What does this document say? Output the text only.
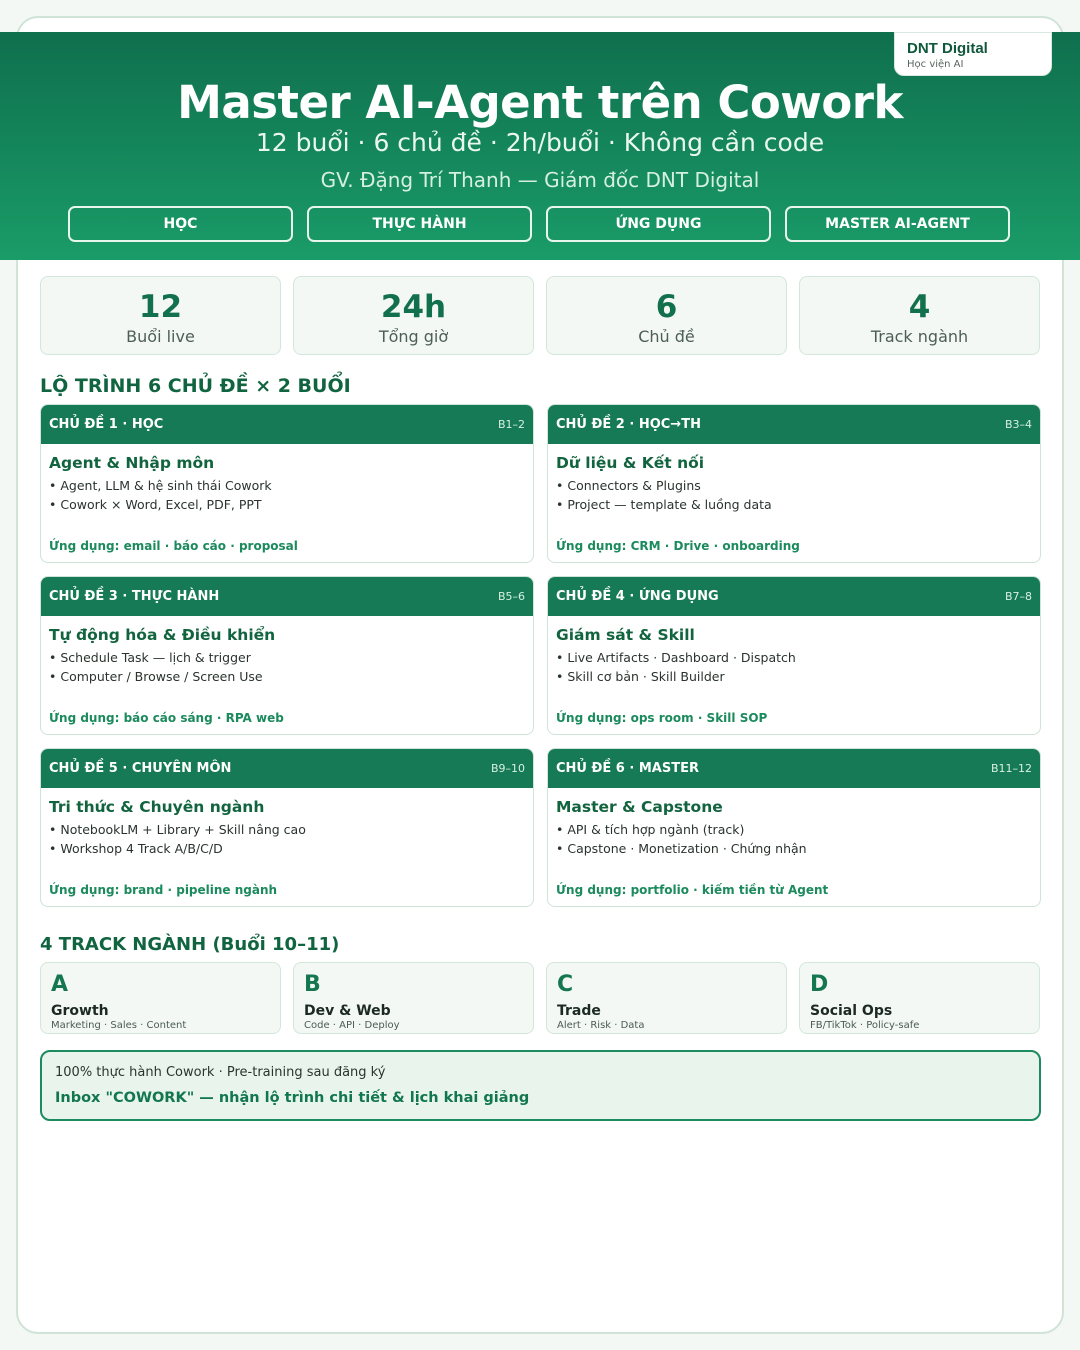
DNT Digital
Học viện AI
Master AI-Agent trên Cowork
12 buổi · 6 chủ đề · 2h/buổi · Không cần code
GV. Đặng Trí Thanh — Giám đốc DNT Digital
HỌC	THỰC HÀNH	ỨNG DỤNG	MASTER AI-AGENT
12
Buổi live
24h
Tổng giờ
6
Chủ đề
4
Track ngành
LỘ TRÌNH 6 CHỦ ĐỀ × 2 BUỔI
CHỦ ĐỀ 1 · HỌC	B1–2
Agent & Nhập môn
• Agent, LLM & hệ sinh thái Cowork
• Cowork × Word, Excel, PDF, PPT
Ứng dụng: email · báo cáo · proposal
CHỦ ĐỀ 2 · HỌC→TH	B3–4
Dữ liệu & Kết nối
• Connectors & Plugins
• Project — template & luồng data
Ứng dụng: CRM · Drive · onboarding
CHỦ ĐỀ 3 · THỰC HÀNH	B5–6
Tự động hóa & Điều khiển
• Schedule Task — lịch & trigger
• Computer / Browse / Screen Use
Ứng dụng: báo cáo sáng · RPA web
CHỦ ĐỀ 4 · ỨNG DỤNG	B7–8
Giám sát & Skill
• Live Artifacts · Dashboard · Dispatch
• Skill cơ bản · Skill Builder
Ứng dụng: ops room · Skill SOP
CHỦ ĐỀ 5 · CHUYÊN MÔN	B9–10
Tri thức & Chuyên ngành
• NotebookLM + Library + Skill nâng cao
• Workshop 4 Track A/B/C/D
Ứng dụng: brand · pipeline ngành
CHỦ ĐỀ 6 · MASTER	B11–12
Master & Capstone
• API & tích hợp ngành (track)
• Capstone · Monetization · Chứng nhận
Ứng dụng: portfolio · kiếm tiền từ Agent
4 TRACK NGÀNH (Buổi 10–11)
A
Growth
Marketing · Sales · Content
B
Dev & Web
Code · API · Deploy
C
Trade
Alert · Risk · Data
D
Social Ops
FB/TikTok · Policy-safe
100% thực hành Cowork · Pre-training sau đăng ký
Inbox "COWORK" — nhận lộ trình chi tiết & lịch khai giảng
